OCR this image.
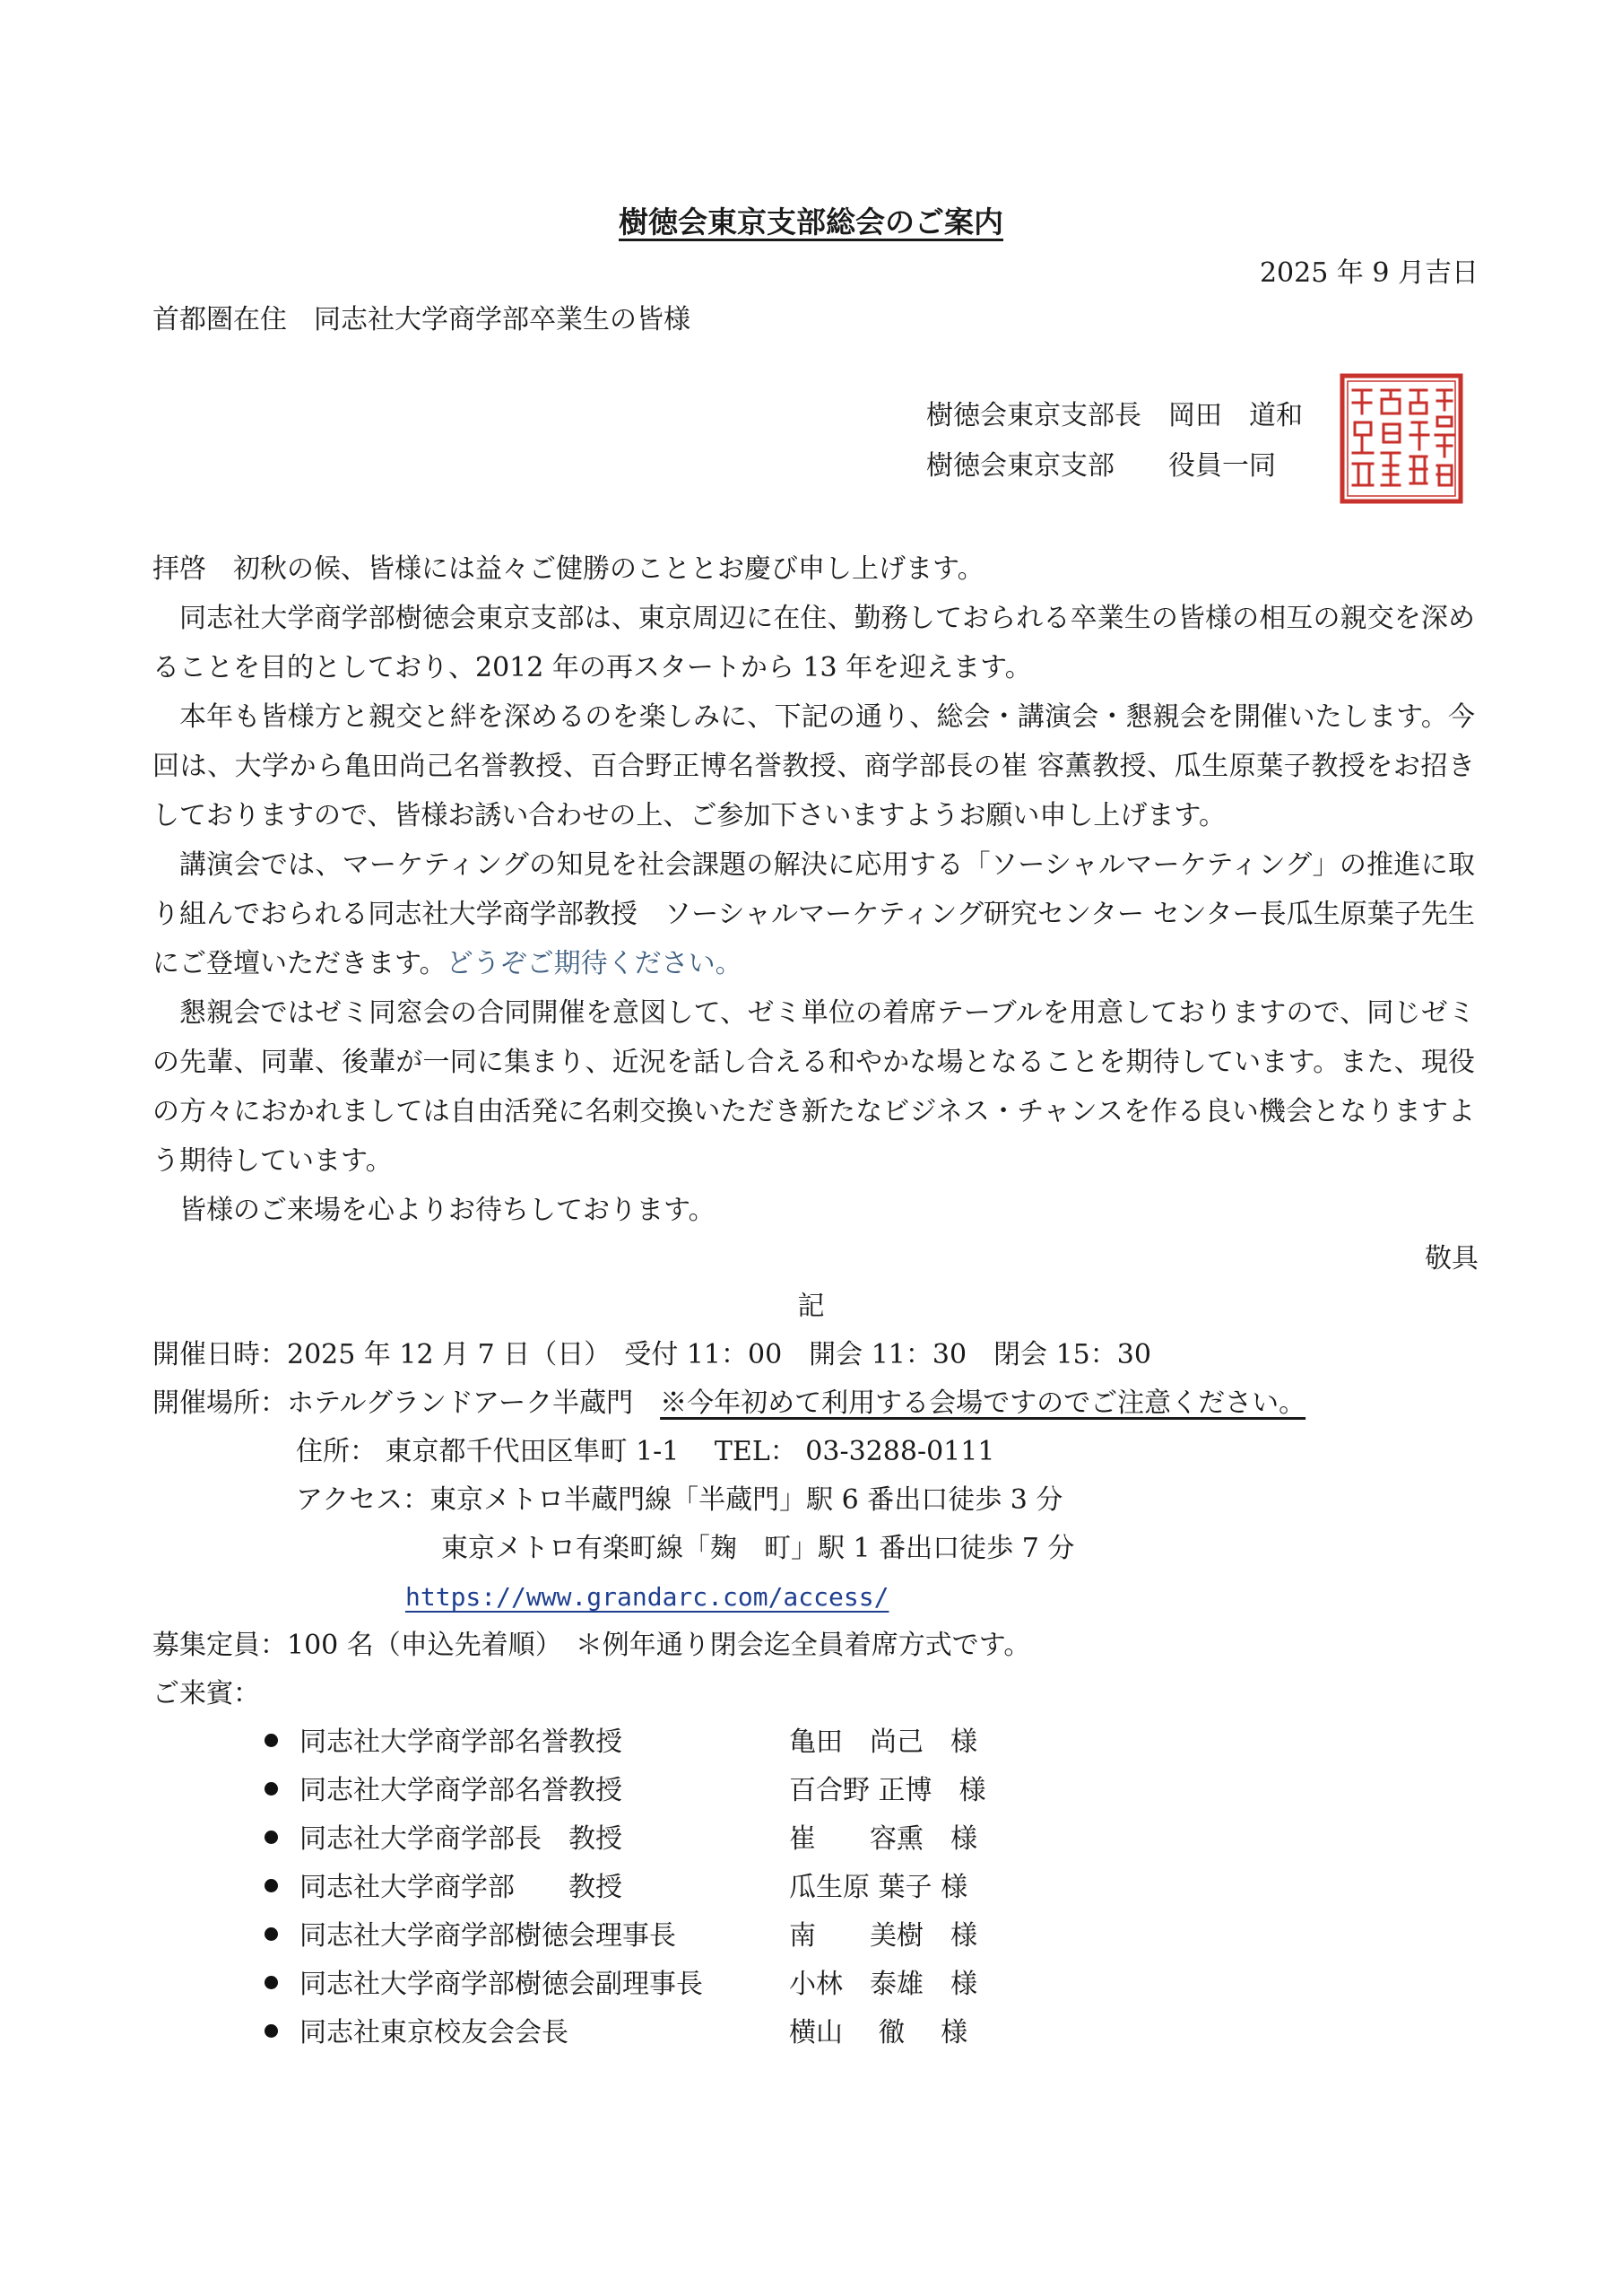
樹徳会東京支部総会のご案内
2025 年 9 月吉日
首都圏在住　同志社大学商学部卒業生の皆様
樹徳会東京支部長　岡田　道和
樹徳会東京支部　　役員一同
拝啓　初秋の候、皆様には益々ご健勝のこととお慶び申し上げます。
同志社大学商学部樹徳会東京支部は、東京周辺に在住、勤務しておられる卒業生の皆様の相互の親交を深めることを目的としており、2012 年の再スタートから 13 年を迎えます。
本年も皆様方と親交と絆を深めるのを楽しみに、下記の通り、総会・講演会・懇親会を開催いたします。今回は、大学から亀田尚己名誉教授、百合野正博名誉教授、商学部長の崔 容薫教授、瓜生原葉子教授をお招きしておりますので、皆様お誘い合わせの上、ご参加下さいますようお願い申し上げます。
講演会では、マーケティングの知見を社会課題の解決に応用する「ソーシャルマーケティング」の推進に取り組んでおられる同志社大学商学部教授　ソーシャルマーケティング研究センター センター長瓜生原葉子先生にご登壇いただきます。どうぞご期待ください。
懇親会ではゼミ同窓会の合同開催を意図して、ゼミ単位の着席テーブルを用意しておりますので、同じゼミの先輩、同輩、後輩が一同に集まり、近況を話し合える和やかな場となることを期待しています。また、現役の方々におかれましては自由活発に名刺交換いただき新たなビジネス・チャンスを作る良い機会となりますよう期待しています。
皆様のご来場を心よりお待ちしております。
敬具
記
開催日時：2025 年 12 月 7 日（日）　受付 11：00　開会 11：30　閉会 15：30
開催場所：ホテルグランドアーク半蔵門　※今年初めて利用する会場ですのでご注意ください。
住所： 東京都千代田区隼町 1-1　 TEL： 03-3288-0111
アクセス：東京メトロ半蔵門線「半蔵門」駅 6 番出口徒歩 3 分
東京メトロ有楽町線「麹　町」駅 1 番出口徒歩 7 分
https://www.grandarc.com/access/
募集定員：100 名（申込先着順）　＊例年通り閉会迄全員着席方式です。
ご来賓：
同志社大学商学部名誉教授	亀田　尚己　様
同志社大学商学部名誉教授	百合野 正博　様
同志社大学商学部長　教授	崔　　容熏　様
同志社大学商学部　　教授	瓜生原 葉子 様
同志社大学商学部樹徳会理事長	南　　美樹　様
同志社大学商学部樹徳会副理事長	小林　泰雄　様
同志社東京校友会会長	横山　 徹　 様
